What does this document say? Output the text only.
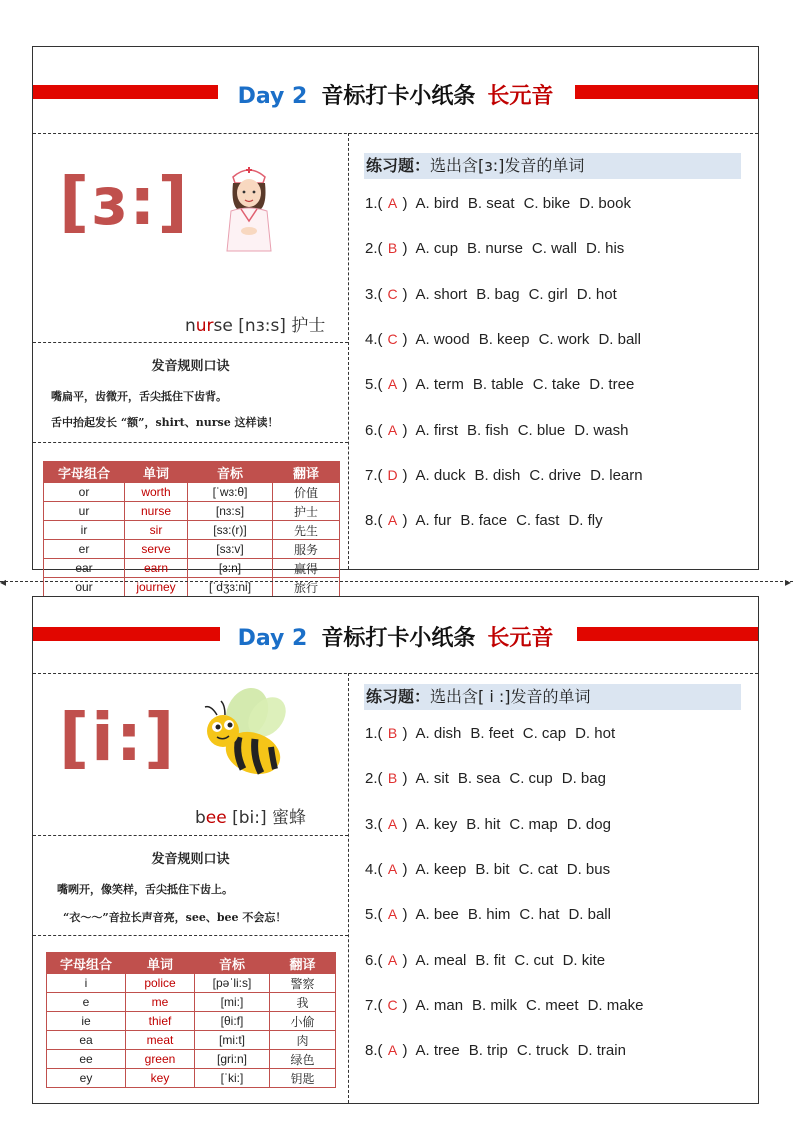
Day 2 音标打卡小纸条 长元音
[ɜ:]
nurse [nɜ:s] 护士
发音规则口诀
嘴扁平，齿微开，舌尖抵住下齿背。
舌中抬起发长 “额”，shirt、nurse 这样读！
字母组合	单词	音标	翻译
or	worth	[ˈwɜ:θ]	价值
ur	nurse	[nɜ:s]	护士
ir	sir	[sɜ:(r)]	先生
er	serve	[sɜ:v]	服务
ear	earn	[ɜ:n]	赢得
our	journey	[ˈdʒɜ:ni]	旅行
练习题：选出含[ɜ:]发音的单词
1.( A ) A. bird B. seat C. bike D. book
2.( B ) A. cup B. nurse C. wall D. his
3.( C ) A. short B. bag C. girl D. hot
4.( C ) A. wood B. keep C. work D. ball
5.( A ) A. term B. table C. take D. tree
6.( A ) A. first B. fish C. blue D. wash
7.( D ) A. duck B. dish C. drive D. learn
8.( A ) A. fur B. face C. fast D. fly
◂	▸
Day 2 音标打卡小纸条 长元音
[i:]
bee [bi:] 蜜蜂
发音规则口诀
嘴咧开，像笑样，舌尖抵住下齿上。
“衣～～”音拉长声音亮，see、bee 不会忘！
字母组合	单词	音标	翻译
i	police	[pəˈli:s]	警察
e	me	[mi:]	我
ie	thief	[θi:f]	小偷
ea	meat	[mi:t]	肉
ee	green	[gri:n]	绿色
ey	key	[ˈki:]	钥匙
练习题：选出含[ i :]发音的单词
1.( B ) A. dish B. feet C. cap D. hot
2.( B ) A. sit B. sea C. cup D. bag
3.( A ) A. key B. hit C. map D. dog
4.( A ) A. keep B. bit C. cat D. bus
5.( A ) A. bee B. him C. hat D. ball
6.( A ) A. meal B. fit C. cut D. kite
7.( C ) A. man B. milk C. meet D. make
8.( A ) A. tree B. trip C. truck D. train
